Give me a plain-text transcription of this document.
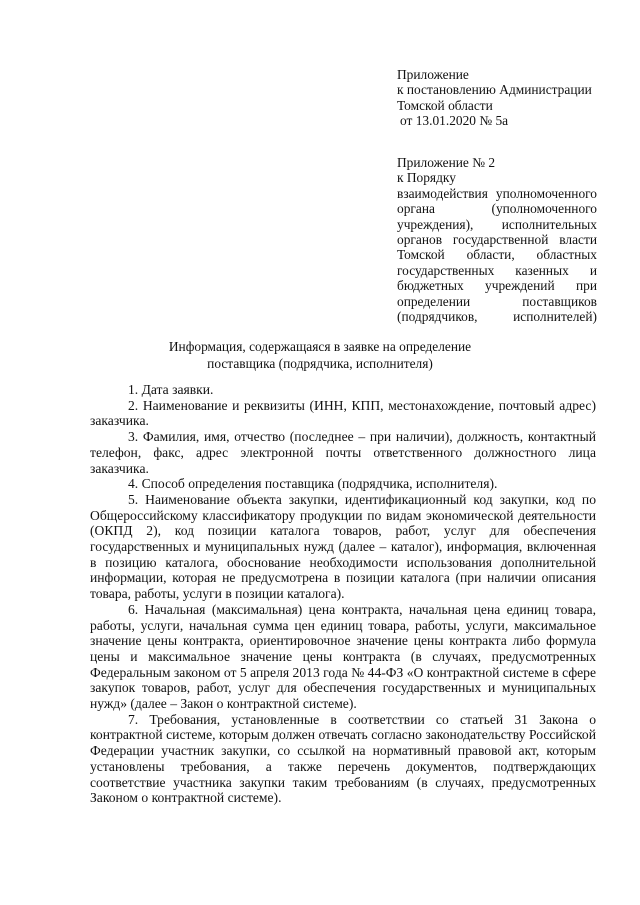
Приложение

к постановлению Администрации

Томской области

от 13.01.2020 № 5а

Приложение № 2

к Порядку

взаимодействия уполномоченного органа (уполномоченного учреждения), исполнительных органов государственной власти Томской области, областных государственных казенных и бюджетных учреждений при определении поставщиков (подрядчиков, исполнителей)

Информация, содержащаяся в заявке на определение

поставщика (подрядчика, исполнителя)

1. Дата заявки.

2. Наименование и реквизиты (ИНН, КПП, местонахождение, почтовый адрес) заказчика.

3. Фамилия, имя, отчество (последнее – при наличии), должность, контактный телефон, факс, адрес электронной почты ответственного должностного лица заказчика.

4. Способ определения поставщика (подрядчика, исполнителя).

5. Наименование объекта закупки, идентификационный код закупки, код по Общероссийскому классификатору продукции по видам экономической деятельности (ОКПД 2), код позиции каталога товаров, работ, услуг для обеспечения государственных и муниципальных нужд (далее – каталог), информация, включенная в позицию каталога, обоснование необходимости использования дополнительной информации, которая не предусмотрена в позиции каталога (при наличии описания товара, работы, услуги в позиции каталога).

6. Начальная (максимальная) цена контракта, начальная цена единиц товара, работы, услуги, начальная сумма цен единиц товара, работы, услуги, максимальное значение цены контракта, ориентировочное значение цены контракта либо формула цены и максимальное значение цены контракта (в случаях, предусмотренных Федеральным законом от 5 апреля 2013 года № 44-ФЗ «О контрактной системе в сфере закупок товаров, работ, услуг для обеспечения государственных и муниципальных нужд» (далее – Закон о контрактной системе).

7. Требования, установленные в соответствии со статьей 31 Закона о контрактной системе, которым должен отвечать согласно законодательству Российской Федерации участник закупки, со ссылкой на нормативный правовой акт, которым установлены требования, а также перечень документов, подтверждающих соответствие участника закупки таким требованиям (в случаях, предусмотренных Законом о контрактной системе).
